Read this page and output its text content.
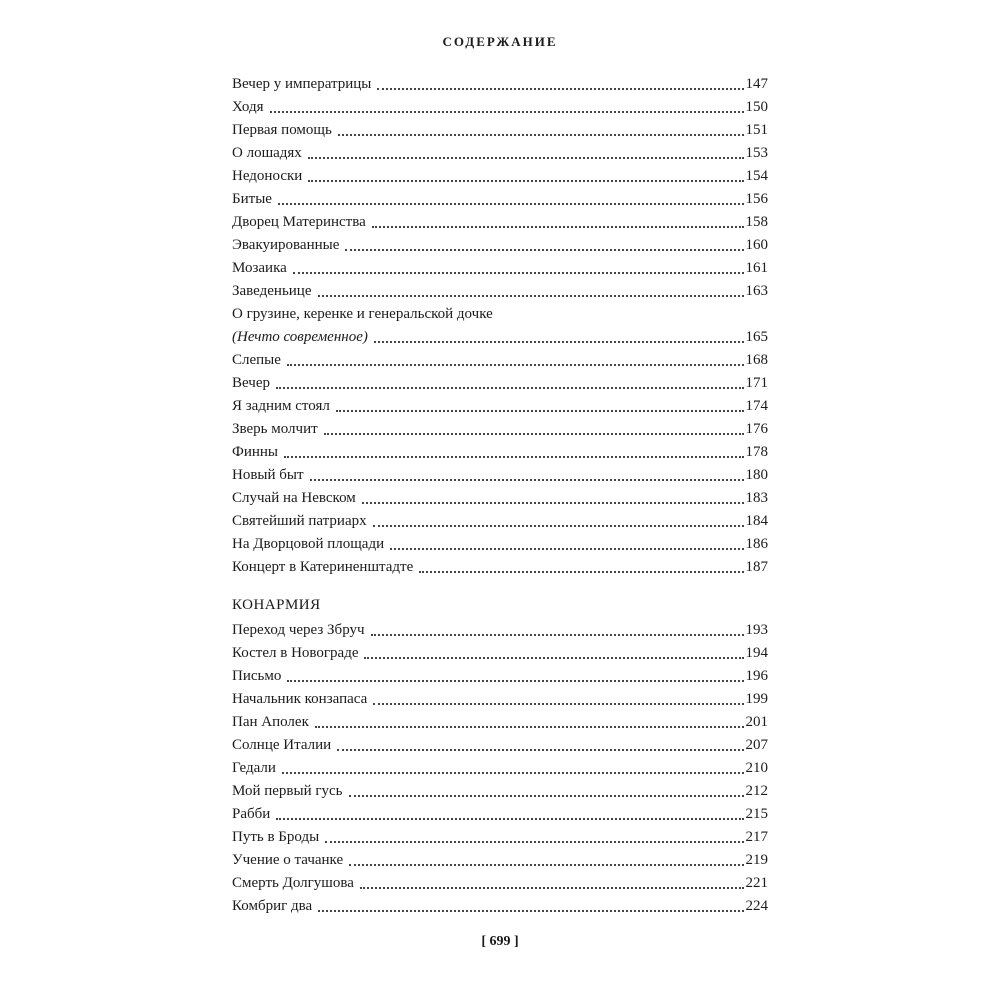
СОДЕРЖАНИЕ
Вечер у императрицы	147
Ходя	150
Первая помощь	151
О лошадях	153
Недоноски	154
Битые	156
Дворец Материнства	158
Эвакуированные	160
Мозаика	161
Заведеньице	163
О грузине, керенке и генеральской дочке
(Нечто современное)	165
Слепые	168
Вечер	171
Я задним стоял	174
Зверь молчит	176
Финны	178
Новый быт	180
Случай на Невском	183
Святейший патриарх	184
На Дворцовой площади	186
Концерт в Катериненштадте	187
КОНАРМИЯ
Переход через Збруч	193
Костел в Новограде	194
Письмо	196
Начальник конзапаса	199
Пан Аполек	201
Солнце Италии	207
Гедали	210
Мой первый гусь	212
Рабби	215
Путь в Броды	217
Учение о тачанке	219
Смерть Долгушова	221
Комбриг два	224
[ 699 ]
